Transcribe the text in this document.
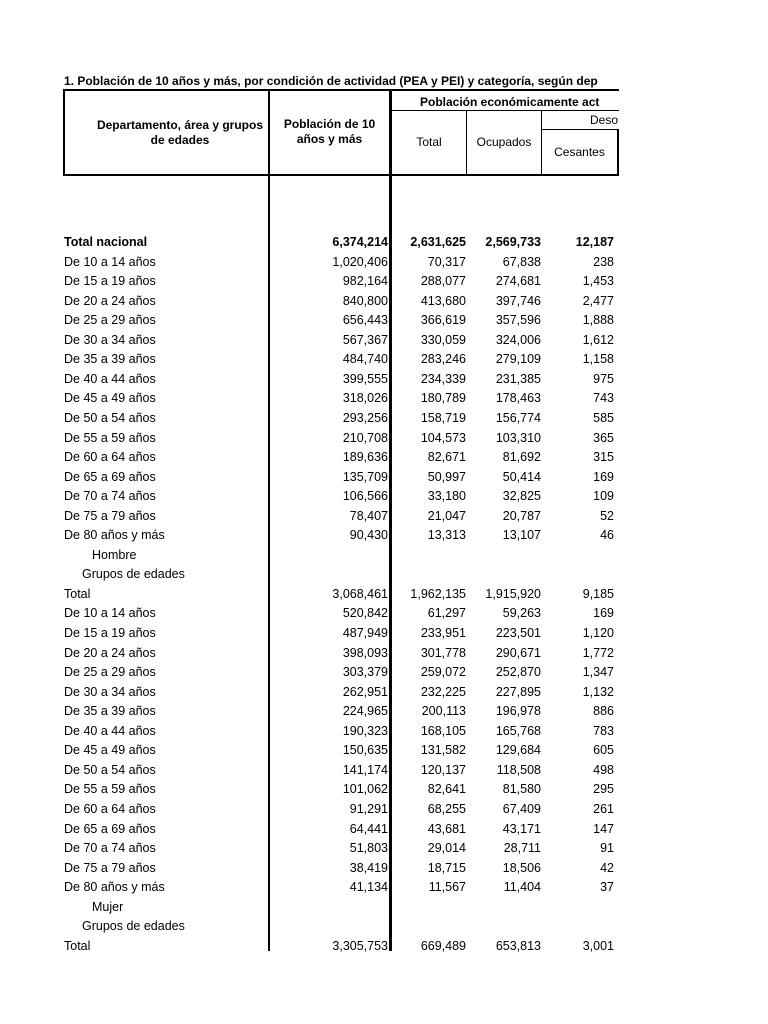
1. Población de 10 años y más, por condición de actividad (PEA y PEI) y categoría, según dep
Departamento, área y grupos de edades
Población de 10 años y más
Población económicamente act
Total	Ocupados
Deso
Cesantes
Total nacional	6,374,214 2,631,625 2,569,733	12,187
De 10 a 14 años	1,020,406	70,317	67,838	238
De 15 a 19 años	982,164	288,077 274,681	1,453
De 20 a 24 años	840,800	413,680 397,746	2,477
De 25 a 29 años	656,443	366,619 357,596	1,888
De 30 a 34 años	567,367	330,059 324,006	1,612
De 35 a 39 años	484,740	283,246 279,109	1,158
De 40 a 44 años	399,555	234,339 231,385	975
De 45 a 49 años	318,026	180,789 178,463	743
De 50 a 54 años	293,256	158,719 156,774	585
De 55 a 59 años	210,708	104,573 103,310	365
De 60 a 64 años	189,636	82,671	81,692	315
De 65 a 69 años	135,709	50,997	50,414	169
De 70 a 74 años	106,566	33,180	32,825	109
De 75 a 79 años	78,407	21,047	20,787	52
De 80 años y más	90,430	13,313	13,107	46
Hombre
Grupos de edades
Total	3,068,461 1,962,135 1,915,920	9,185
De 10 a 14 años	520,842	61,297	59,263	169
De 15 a 19 años	487,949	233,951 223,501	1,120
De 20 a 24 años	398,093	301,778 290,671	1,772
De 25 a 29 años	303,379	259,072 252,870	1,347
De 30 a 34 años	262,951	232,225 227,895	1,132
De 35 a 39 años	224,965	200,113 196,978	886
De 40 a 44 años	190,323	168,105 165,768	783
De 45 a 49 años	150,635	131,582 129,684	605
De 50 a 54 años	141,174	120,137 118,508	498
De 55 a 59 años	101,062	82,641	81,580	295
De 60 a 64 años	91,291	68,255	67,409	261
De 65 a 69 años	64,441	43,681	43,171	147
De 70 a 74 años	51,803	29,014	28,711	91
De 75 a 79 años	38,419	18,715	18,506	42
De 80 años y más	41,134	11,567	11,404	37
Mujer
Grupos de edades
Total	3,305,753	669,489 653,813	3,001
